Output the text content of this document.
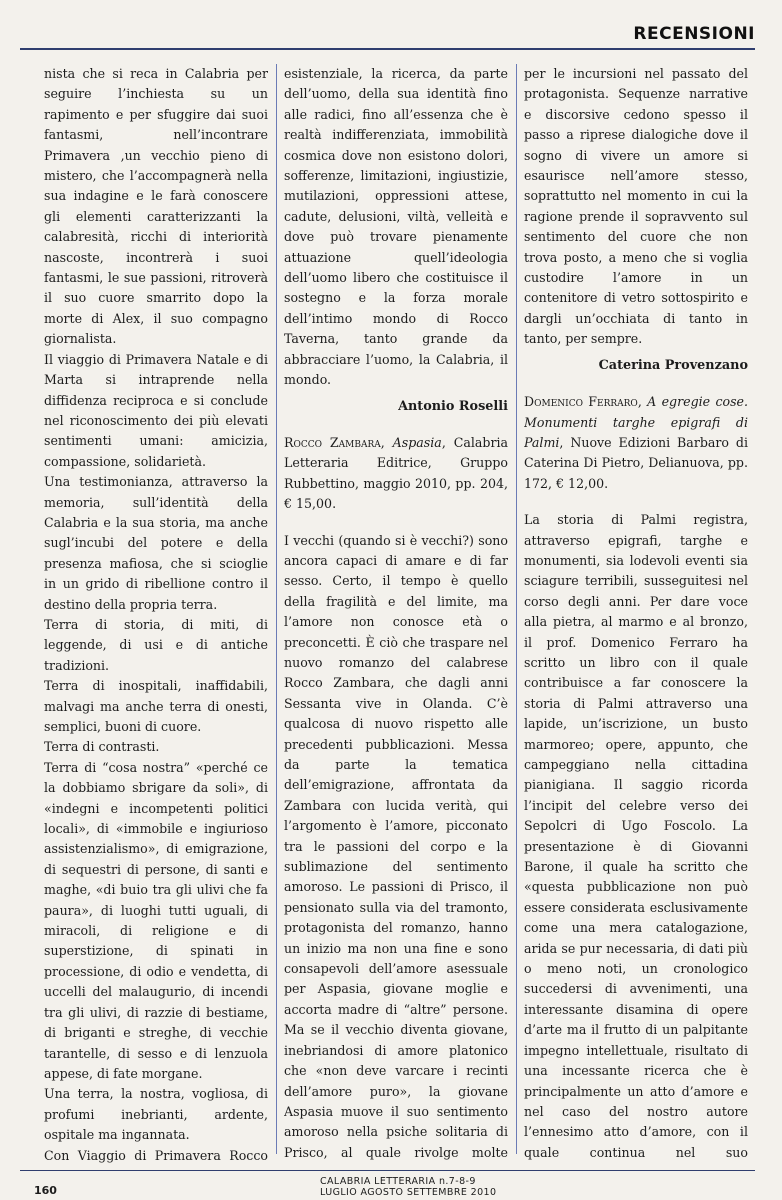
RECENSIONI

nista che si reca in Calabria per seguire l’inchiesta su un rapimento e per sfuggire dai suoi fantasmi, nell’incontrare Primavera ,un vecchio pieno di mistero, che l’accompagnerà nella sua indagine e le farà conoscere gli elementi caratterizzanti la calabresità, ricchi di interiorità nascoste, incontrerà i suoi fantasmi, le sue passioni, ritroverà il suo cuore smarrito dopo la morte di Alex, il suo compagno giornalista.

Il viaggio di Primavera Natale e di Marta si intraprende nella diffidenza reciproca e si conclude nel riconoscimento dei più elevati sentimenti umani: amicizia, compassione, solidarietà.

Una testimonianza, attraverso la memoria, sull’identità della Calabria e la sua storia, ma anche sugl’incubi del potere e della presenza mafiosa, che si scioglie in un grido di ribellione contro il destino della propria terra.

Terra di storia, di miti, di leggende, di usi e di antiche tradizioni.

Terra di inospitali, inaffidabili, malvagi ma anche terra di onesti, semplici, buoni di cuore.

Terra di contrasti.

Terra di “cosa nostra” «perché ce la dobbiamo sbrigare da soli», di «indegni e incompetenti politici locali», di «immobile e ingiurioso assistenzialismo», di emigrazione, di sequestri di persone, di santi e maghe, «di buio tra gli ulivi che fa paura», di luoghi tutti uguali, di miracoli, di religione e di superstizione, di spinati in processione, di odio e vendetta, di uccelli del malaugurio, di incendi tra gli ulivi, di razzie di bestiame, di briganti e streghe, di vecchie tarantelle, di sesso e di lenzuola appese, di fate morgane.

Una terra, la nostra, vogliosa, di profumi inebrianti, ardente, ospitale ma ingannata.

Con Viaggio di Primavera Rocco

esistenziale, la ricerca, da parte dell’uomo, della sua identità fino alle radici, fino all’essenza che è realtà indifferenziata, immobilità cosmica dove non esistono dolori, sofferenze, limitazioni, ingiustizie, mutilazioni, oppressioni attese, cadute, delusioni, viltà, velleità e dove può trovare pienamente attuazione quell’ideologia dell’uomo libero che costituisce il sostegno e la forza morale dell’intimo mondo di Rocco Taverna, tanto grande da abbracciare l’uomo, la Calabria, il mondo.

Antonio Roselli
Rocco Zambara, Aspasia, Calabria Letteraria Editrice, Gruppo Rubbettino, maggio 2010, pp. 204, € 15,00.

I vecchi (quando si è vecchi?) sono ancora capaci di amare e di far sesso. Certo, il tempo è quello della fragilità e del limite, ma l’amore non conosce età o preconcetti. È ciò che traspare nel nuovo romanzo del calabrese Rocco Zambara, che dagli anni Sessanta vive in Olanda. C’è qualcosa di nuovo rispetto alle precedenti pubblicazioni. Messa da parte la tematica dell’emigrazione, affrontata da Zambara con lucida verità, qui l’argomento è l’amore, picconato tra le passioni del corpo e la sublimazione del sentimento amoroso. Le passioni di Prisco, il pensionato sulla via del tramonto, protagonista del romanzo, hanno un inizio ma non una fine e sono consapevoli dell’amore asessuale per Aspasia, giovane moglie e accorta madre di “altre” persone. Ma se il vecchio diventa giovane, inebriandosi di amore platonico che «non deve varcare i recinti dell’amore puro», la giovane Aspasia muove il suo sentimento amoroso nella psiche solitaria di Prisco, al quale rivolge molte

per le incursioni nel passato del protagonista. Sequenze narrative e discorsive cedono spesso il passo a riprese dialogiche dove il sogno di vivere un amore si esaurisce nell’amore stesso, soprattutto nel momento in cui la ragione prende il sopravvento sul sentimento del cuore che non trova posto, a meno che si voglia custodire l’amore in un contenitore di vetro sottospirito e dargli un’occhiata di tanto in tanto, per sempre.

Caterina Provenzano
Domenico Ferraro, A egregie cose. Monumenti targhe epigrafi di Palmi, Nuove Edizioni Barbaro di Caterina Di Pietro, Delianuova, pp. 172, € 12,00.

La storia di Palmi registra, attraverso epigrafi, targhe e monumenti, sia lodevoli eventi sia sciagure terribili, susseguitesi nel corso degli anni. Per dare voce alla pietra, al marmo e al bronzo, il prof. Domenico Ferraro ha scritto un libro con il quale contribuisce a far conoscere la storia di Palmi attraverso una lapide, un’iscrizione, un busto marmoreo; opere, appunto, che campeggiano nella cittadina pianigiana. Il saggio ricorda l’incipit del celebre verso dei Sepolcri di Ugo Foscolo. La presentazione è di Giovanni Barone, il quale ha scritto che «questa pubblicazione non può essere considerata esclusivamente come una mera catalogazione, arida se pur necessaria, di dati più o meno noti, un cronologico succedersi di avvenimenti, una interessante disamina di opere d’arte ma il frutto di un palpitante impegno intellettuale, risultato di una incessante ricerca che è principalmente un atto d’amore e nel caso del nostro autore l’ennesimo atto d’amore, con il quale continua nel suo

160
CALABRIA LETTERARIA n.7-8-9
LUGLIO AGOSTO SETTEMBRE 2010
